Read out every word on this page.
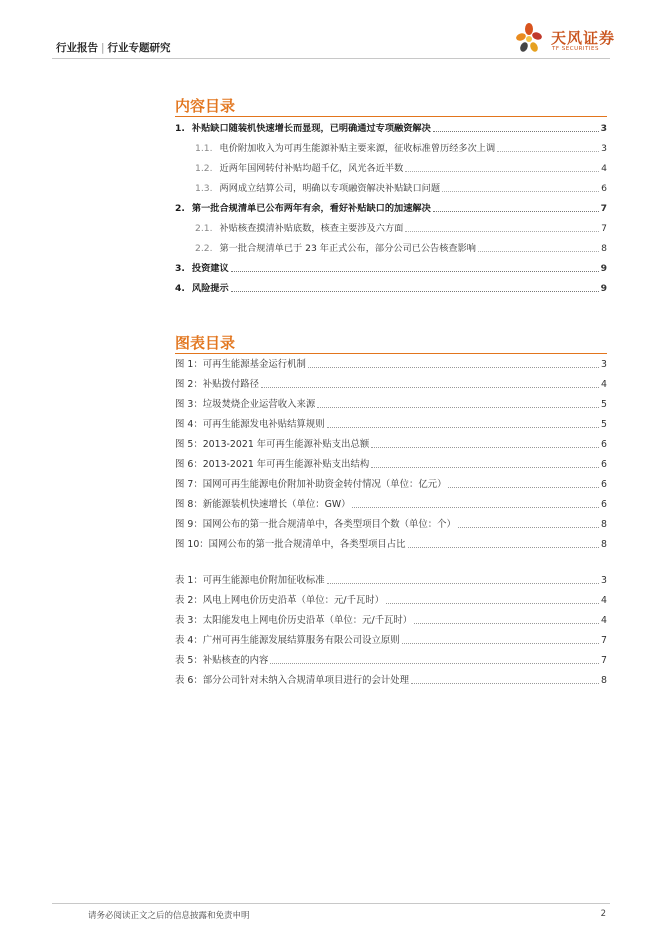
行业报告 | 行业专题研究
天风证券
TF SECURITIES
内容目录
1. 补贴缺口随装机快速增长而显现，已明确通过专项融资解决	3
1.1. 电价附加收入为可再生能源补贴主要来源，征收标准曾历经多次上调	3
1.2. 近两年国网转付补贴均超千亿，风光各近半数	4
1.3. 两网成立结算公司，明确以专项融资解决补贴缺口问题	6
2. 第一批合规清单已公布两年有余，看好补贴缺口的加速解决	7
2.1. 补贴核查摸清补贴底数，核查主要涉及六方面	7
2.2. 第一批合规清单已于 23 年正式公布，部分公司已公告核查影响	8
3. 投资建议	9
4. 风险提示	9
图表目录
图 1：可再生能源基金运行机制	3
图 2：补贴拨付路径	4
图 3：垃圾焚烧企业运营收入来源	5
图 4：可再生能源发电补贴结算规则	5
图 5：2013-2021 年可再生能源补贴支出总额	6
图 6：2013-2021 年可再生能源补贴支出结构	6
图 7：国网可再生能源电价附加补助资金转付情况（单位：亿元）	6
图 8：新能源装机快速增长（单位：GW）	6
图 9：国网公布的第一批合规清单中，各类型项目个数（单位：个）	8
图 10：国网公布的第一批合规清单中，各类型项目占比	8
表 1：可再生能源电价附加征收标准	3
表 2：风电上网电价历史沿革（单位：元/千瓦时）	4
表 3：太阳能发电上网电价历史沿革（单位：元/千瓦时）	4
表 4：广州可再生能源发展结算服务有限公司设立原则	7
表 5：补贴核查的内容	7
表 6：部分公司针对未纳入合规清单项目进行的会计处理	8
请务必阅读正文之后的信息披露和免责申明	2
